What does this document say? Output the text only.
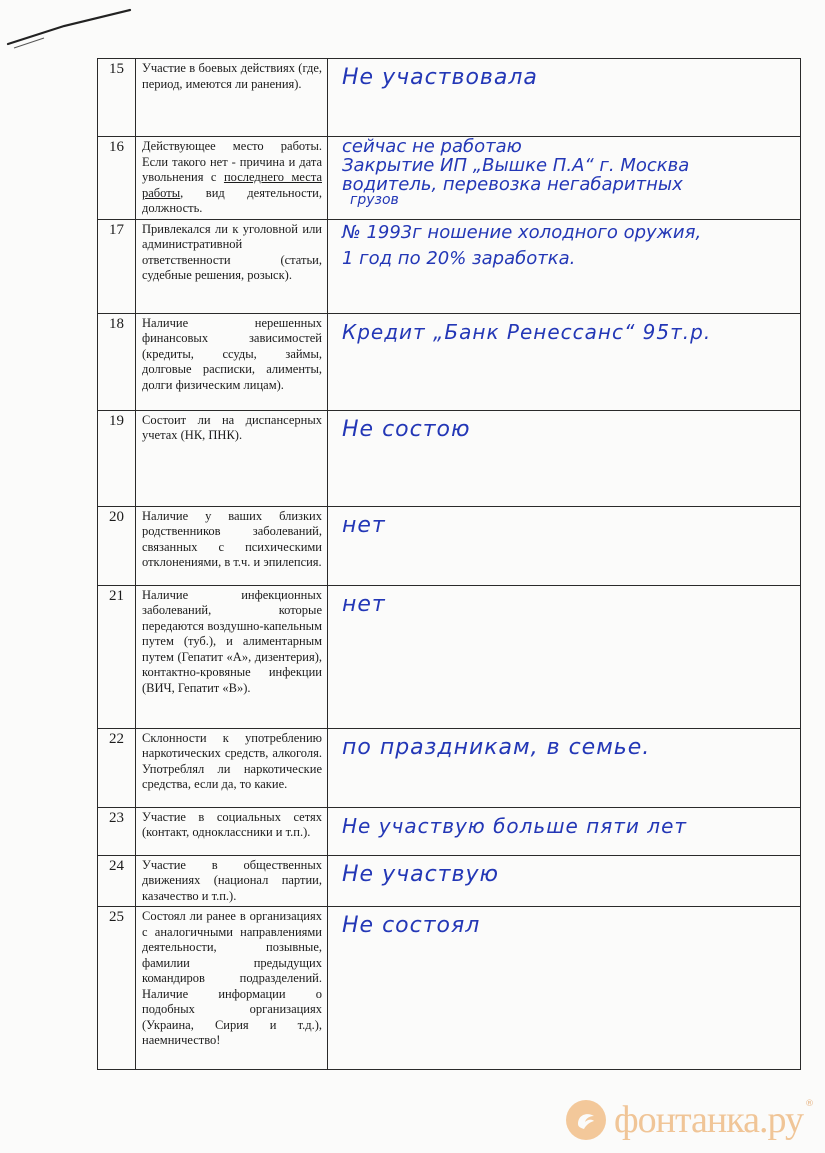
15	Участие в боевых действиях (где, период, имеются ли ранения).	Не участвовала

16	Действующее место работы. Если такого нет - причина и дата увольнения с последнего места работы, вид деятельности, должность.	сейчас не работаю
Закрытие ИП „Вышке П.А“ г. Москва
водитель, перевозка негабаритных
грузов

17	Привлекался ли к уголовной или административной ответственности (статьи, судебные решения, розыск).	№ 1993г ношение холодного оружия,
1 год по 20% заработка.

18	Наличие нерешенных финансовых зависимостей (кредиты, ссуды, займы, долговые расписки, алименты, долги физическим лицам).	Кредит „Банк Ренессанс“ 95т.р.

19	Состоит ли на диспансерных учетах (НК, ПНК).	Не состою

20	Наличие у ваших близких родственников заболеваний, связанных с психическими отклонениями, в т.ч. и эпилепсия.	нет

21	Наличие инфекционных заболеваний, которые передаются воздушно-капельным путем (туб.), и алиментарным путем (Гепатит «А», дизентерия), контактно-кровяные инфекции (ВИЧ, Гепатит «В»).	нет

22	Склонности к употреблению наркотических средств, алкоголя. Употреблял ли наркотические средства, если да, то какие.	по праздникам, в семье.

23	Участие в социальных сетях (контакт, одноклассники и т.п.).	Не участвую больше пяти лет

24	Участие в общественных движениях (национал партии, казачество и т.п.).	Не участвую

25	Состоял ли ранее в организациях с аналогичными направлениями деятельности, позывные, фамилии предыдущих командиров подразделений. Наличие информации о подобных организациях (Украина, Сирия и т.д.), наемничество!	Не состоял
фонтанка.ру ®
